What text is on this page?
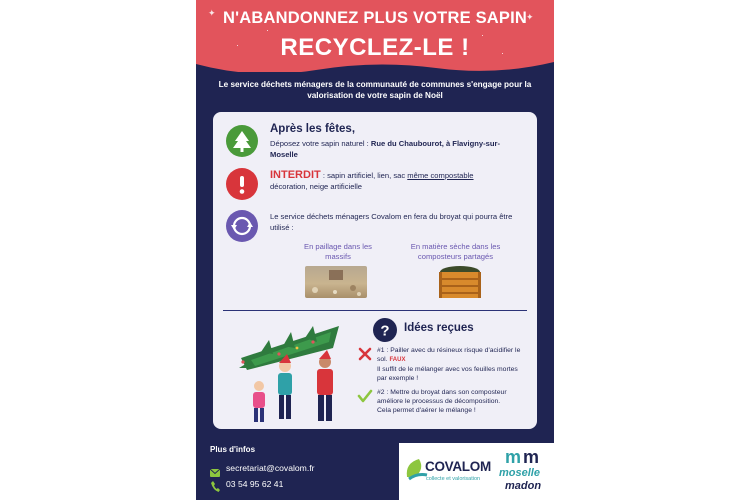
✦
·
✦
·
·	·
N'ABANDONNEZ PLUS VOTRE SAPIN
RECYCLEZ-LE !
Le service déchets ménagers de la communauté de communes s'engage pour la valorisation de votre sapin de Noël
Après les fêtes,
Déposez votre sapin naturel : Rue du Chaubourot, à Flavigny-sur-Moselle
INTERDIT : sapin artificiel, lien, sac même compostable
décoration, neige artificielle
Le service déchets ménagers Covalom en fera du broyat qui pourra être utilisé :
En paillage dans les massifs
En matière sèche dans les composteurs partagés
? Idées reçues
#1 : Pailler avec du résineux risque d'acidifier le sol. FAUX
Il suffit de le mélanger avec vos feuilles mortes par exemple !
#2 : Mettre du broyat dans son composteur améliore le processus de décomposition.
Cela permet d'aérer le mélange !
Plus d'infos
secretariat@covalom.fr
03 54 95 62 41
COVALOM
collecte et valorisation
m m
moselle
madon
